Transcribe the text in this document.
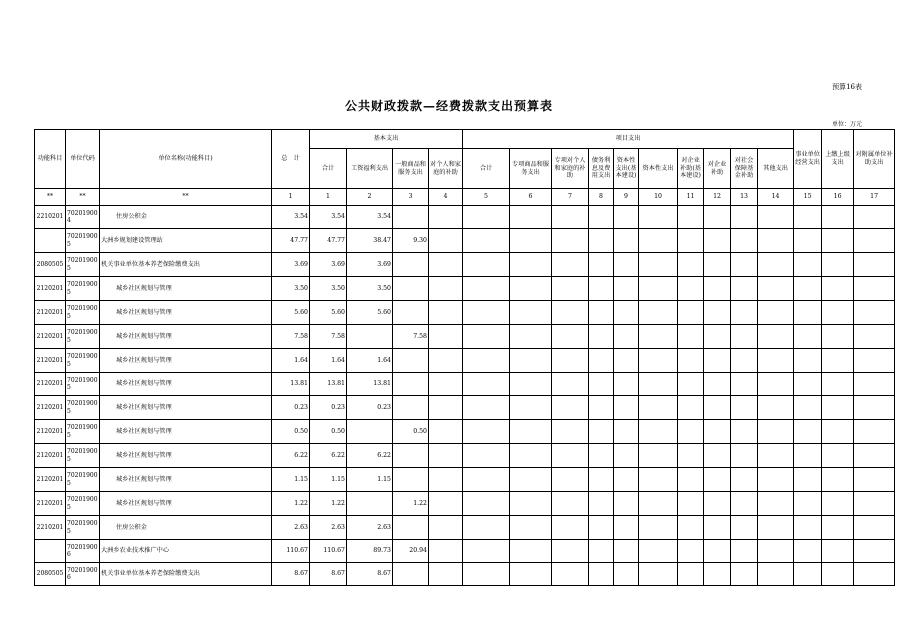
预算16表
公共财政拨款—经费拨款支出预算表
单位：万元
功能科目	单位代码	单位名称(功能科目)	总　计	基本支出				项目支出										事业单位经营支出	上缴上级支出	对附属单位补助支出
				合计	工资福利支出	一般商品和服务支出	对个人和家庭的补助	合计	专项商品和服务支出	专项对个人和家庭的补助	债务利息及费用支出	资本性支出(基本建设)	资本性支出	对企业补助(基本建设)	对企业补助	对社会保障基金补助	其他支出			
**	**	**	1	1	2	3	4	5	6	7	8	9	10	11	12	13	14	15	16	17
2210201	702019004	住房公积金	3.54	3.54	3.54															
	702019005	大洲乡规划建设管理站	47.77	47.77	38.47	9.30														
2080505	702019005	机关事业单位基本养老保险缴费支出	3.69	3.69	3.69															
2120201	702019005	城乡社区规划与管理	3.50	3.50	3.50															
2120201	702019005	城乡社区规划与管理	5.60	5.60	5.60															
2120201	702019005	城乡社区规划与管理	7.58	7.58		7.58														
2120201	702019005	城乡社区规划与管理	1.64	1.64	1.64															
2120201	702019005	城乡社区规划与管理	13.81	13.81	13.81															
2120201	702019005	城乡社区规划与管理	0.23	0.23	0.23															
2120201	702019005	城乡社区规划与管理	0.50	0.50		0.50														
2120201	702019005	城乡社区规划与管理	6.22	6.22	6.22															
2120201	702019005	城乡社区规划与管理	1.15	1.15	1.15															
2120201	702019005	城乡社区规划与管理	1.22	1.22		1.22														
2210201	702019005	住房公积金	2.63	2.63	2.63															
	702019006	大洲乡农业技术推广中心	110.67	110.67	89.73	20.94														
2080505	702019006	机关事业单位基本养老保险缴费支出	8.67	8.67	8.67															
